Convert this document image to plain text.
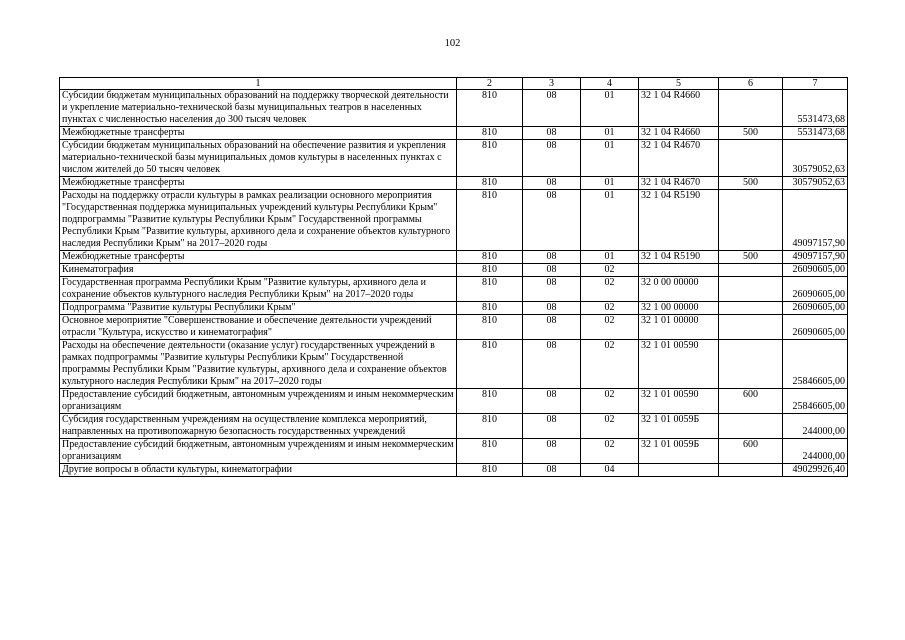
102
1	2	3	4	5	6	7
Субсидии бюджетам муниципальных образований на поддержку творческой деятельности и укрепление материально-технической базы муниципальных театров в населенных пунктах с численностью населения до 300 тысяч человек	810	08	01	32 1 04 R4660		5531473,68

Межбюджетные трансферты	810	08	01	32 1 04 R4660	500	5531473,68

Субсидии бюджетам муниципальных образований на обеспечение развития и укрепления материально-технической базы муниципальных домов культуры в населенных пунктах с числом жителей до 50 тысяч человек	810	08	01	32 1 04 R4670		30579052,63

Межбюджетные трансферты	810	08	01	32 1 04 R4670	500	30579052,63

Расходы на поддержку отрасли культуры в рамках реализации основного мероприятия "Государственная поддержка муниципальных учреждений культуры Республики Крым" подпрограммы "Развитие культуры Республики Крым" Государственной программы Республики Крым "Развитие культуры, архивного дела и сохранение объектов культурного наследия Республики Крым" на 2017–2020 годы	810	08	01	32 1 04 R5190		49097157,90

Межбюджетные трансферты	810	08	01	32 1 04 R5190	500	49097157,90

Кинематография	810	08	02			26090605,00

Государственная программа Республики Крым "Развитие культуры, архивного дела и сохранение объектов культурного наследия Республики Крым" на 2017–2020 годы	810	08	02	32 0 00 00000		26090605,00

Подпрограмма "Развитие культуры Республики Крым"	810	08	02	32 1 00 00000		26090605,00

Основное мероприятие "Совершенствование и обеспечение деятельности учреждений отрасли "Культура, искусство и кинематография"	810	08	02	32 1 01 00000		26090605,00

Расходы на обеспечение деятельности (оказание услуг) государственных учреждений в рамках подпрограммы "Развитие культуры Республики Крым" Государственной программы Республики Крым "Развитие культуры, архивного дела и сохранение объектов культурного наследия Республики Крым" на 2017–2020 годы	810	08	02	32 1 01 00590		25846605,00

Предоставление субсидий бюджетным, автономным учреждениям и иным некоммерческим организациям	810	08	02	32 1 01 00590	600	25846605,00

Субсидия государственным учреждениям на осуществление комплекса мероприятий, направленных на противопожарную безопасность государственных учреждений	810	08	02	32 1 01 0059Б		244000,00

Предоставление субсидий бюджетным, автономным учреждениям и иным некоммерческим организациям	810	08	02	32 1 01 0059Б	600	244000,00

Другие вопросы в области культуры, кинематографии	810	08	04			49029926,40
